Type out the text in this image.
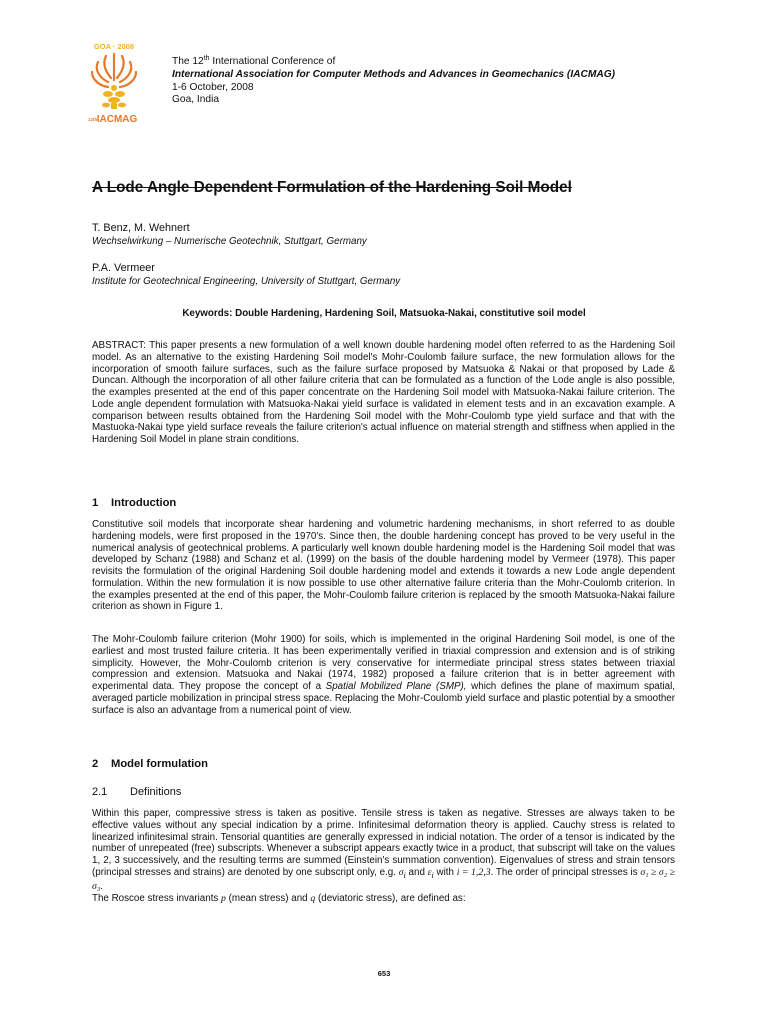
GOA · 2008
12th IACMAG
The 12th International Conference of
International Association for Computer Methods and Advances in Geomechanics (IACMAG)
1-6 October, 2008
Goa, India
A Lode Angle Dependent Formulation of the Hardening Soil Model
T. Benz, M. Wehnert
Wechselwirkung – Numerische Geotechnik, Stuttgart, Germany
P.A. Vermeer
Institute for Geotechnical Engineering, University of Stuttgart, Germany
Keywords: Double Hardening, Hardening Soil, Matsuoka-Nakai, constitutive soil model
ABSTRACT: This paper presents a new formulation of a well known double hardening model often referred to as the Hardening Soil model. As an alternative to the existing Hardening Soil model's Mohr-Coulomb failure surface, the new formulation allows for the incorporation of smooth failure surfaces, such as the failure surface proposed by Matsuoka & Nakai or that proposed by Lade & Duncan. Although the incorporation of all other failure criteria that can be formulated as a function of the Lode angle is also possible, the examples presented at the end of this paper concentrate on the Hardening Soil model with Matsuoka-Nakai failure criterion. The Lode angle dependent formulation with Matsuoka-Nakai yield surface is validated in element tests and in an excavation example. A comparison between results obtained from the Hardening Soil model with the Mohr-Coulomb type yield surface and that with the Mastuoka-Nakai type yield surface reveals the failure criterion's actual influence on material strength and stiffness when applied in the Hardening Soil Model in plane strain conditions.
1 Introduction
Constitutive soil models that incorporate shear hardening and volumetric hardening mechanisms, in short referred to as double hardening models, were first proposed in the 1970's. Since then, the double hardening concept has proved to be very useful in the numerical analysis of geotechnical problems. A particularly well known double hardening model is the Hardening Soil model that was developed by Schanz (1988) and Schanz et al. (1999) on the basis of the double hardening model by Vermeer (1978). This paper revisits the formulation of the original Hardening Soil double hardening model and extends it towards a new Lode angle dependent formulation. Within the new formulation it is now possible to use other alternative failure criteria than the Mohr-Coulomb criterion. In the examples presented at the end of this paper, the Mohr-Coulomb failure criterion is replaced by the smooth Matsuoka-Nakai failure criterion as shown in Figure 1.
The Mohr-Coulomb failure criterion (Mohr 1900) for soils, which is implemented in the original Hardening Soil model, is one of the earliest and most trusted failure criteria. It has been experimentally verified in triaxial compression and extension and is of striking simplicity. However, the Mohr-Coulomb criterion is very conservative for intermediate principal stress states between triaxial compression and extension. Matsuoka and Nakai (1974, 1982) proposed a failure criterion that is in better agreement with experimental data. They propose the concept of a Spatial Mobilized Plane (SMP), which defines the plane of maximum spatial, averaged particle mobilization in principal stress space. Replacing the Mohr-Coulomb yield surface and plastic potential by a smoother surface is also an advantage from a numerical point of view.
2 Model formulation
2.1 Definitions
Within this paper, compressive stress is taken as positive. Tensile stress is taken as negative. Stresses are always taken to be effective values without any special indication by a prime. Infinitesimal deformation theory is applied. Cauchy stress is related to linearized infinitesimal strain. Tensorial quantities are generally expressed in indicial notation. The order of a tensor is indicated by the number of unrepeated (free) subscripts. Whenever a subscript appears exactly twice in a product, that subscript will take on the values 1, 2, 3 successively, and the resulting terms are summed (Einstein's summation convention). Eigenvalues of stress and strain tensors (principal stresses and strains) are denoted by one subscript only, e.g. $\sigma_i$ and $\varepsilon_i$ with i = 1,2,3. The order of principal stresses is σ₁ ≥ σ₂ ≥ σ₃.
The Roscoe stress invariants p (mean stress) and q (deviatoric stress), are defined as:
653
